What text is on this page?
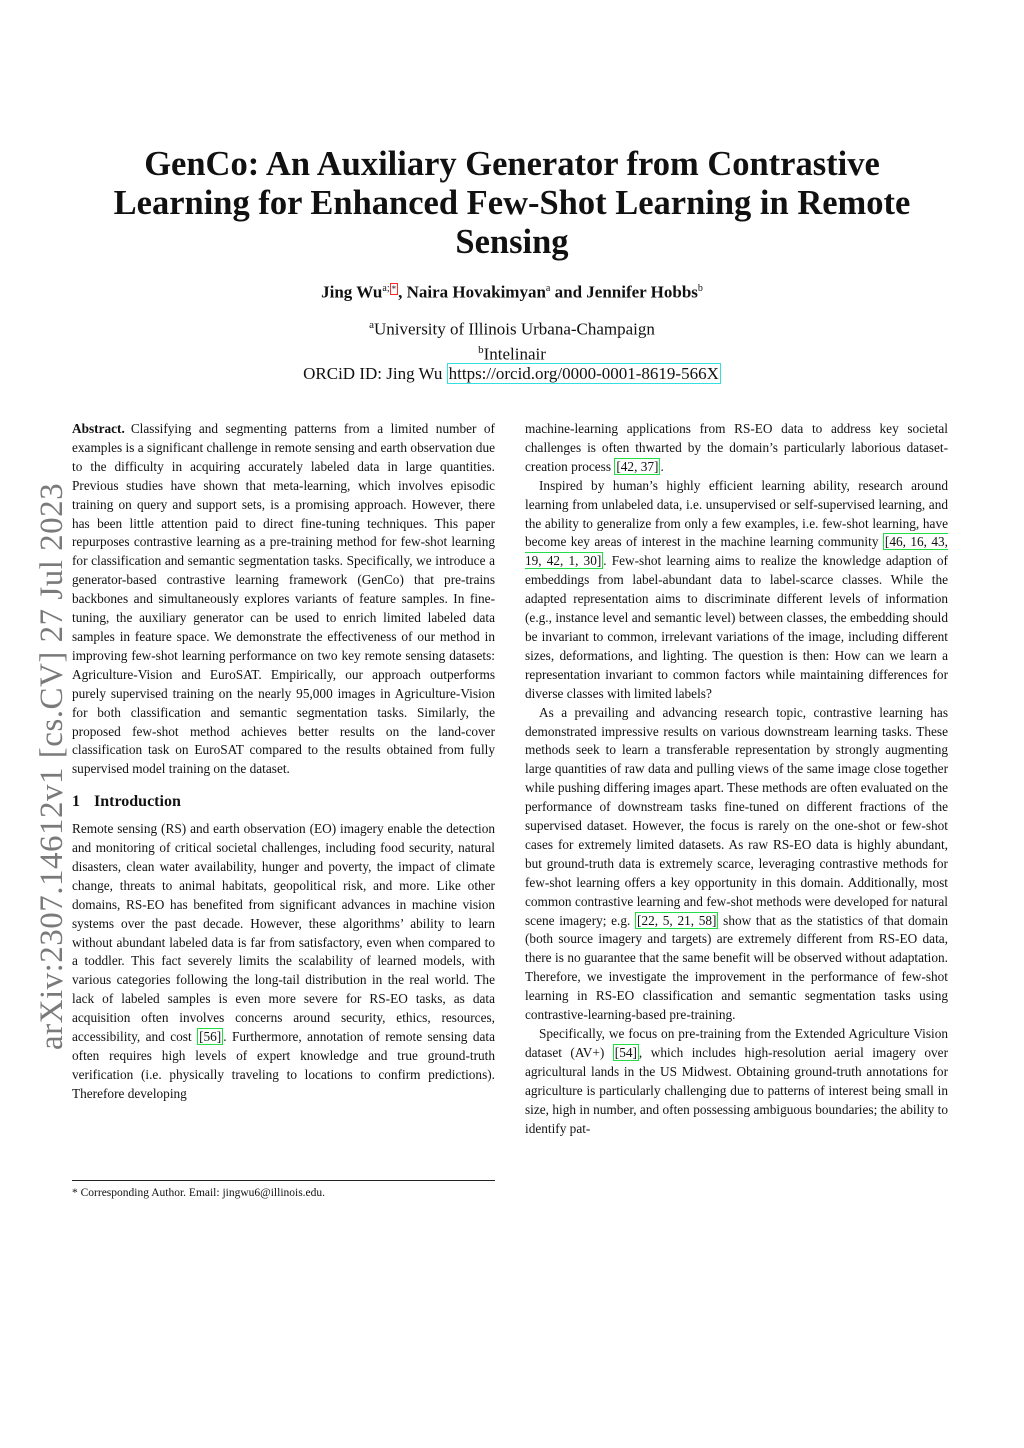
arXiv:2307.14612v1 [cs.CV] 27 Jul 2023
GenCo: An Auxiliary Generator from Contrastive Learning for Enhanced Few-Shot Learning in Remote Sensing
Jing $Wu^{a;}$ * , Naira Hovakimyan$^a$ and Jennifer Hobbs$^b$
$^a$University of Illinois Urbana-Champaign
$^b$Intelinair
ORCiD ID: Jing Wu https://orcid.org/0000-0001-8619-566X

Abstract. Classifying and segmenting patterns from a limited number of examples is a significant challenge in remote sensing and earth observation due to the difficulty in acquiring accurately labeled data in large quantities. Previous studies have shown that meta-learning, which involves episodic training on query and support sets, is a promising approach. However, there has been little attention paid to direct fine-tuning techniques. This paper repurposes contrastive learning as a pre-training method for few-shot learning for classification and semantic segmentation tasks. Specifically, we introduce a generator-based contrastive learning framework (GenCo) that pre-trains backbones and simultaneously explores variants of feature samples. In fine-tuning, the auxiliary generator can be used to enrich limited labeled data samples in feature space. We demonstrate the effectiveness of our method in improving few-shot learning performance on two key remote sensing datasets: Agriculture-Vision and EuroSAT. Empirically, our approach outperforms purely supervised training on the nearly 95,000 images in Agriculture-Vision for both classification and semantic segmentation tasks. Similarly, the proposed few-shot method achieves better results on the land-cover classification task on EuroSAT compared to the results obtained from fully supervised model training on the dataset.

1 Introduction

Remote sensing (RS) and earth observation (EO) imagery enable the detection and monitoring of critical societal challenges, including food security, natural disasters, clean water availability, hunger and poverty, the impact of climate change, threats to animal habitats, geopolitical risk, and more. Like other domains, RS-EO has benefited from significant advances in machine vision systems over the past decade. However, these algorithms’ ability to learn without abundant labeled data is far from satisfactory, even when compared to a toddler. This fact severely limits the scalability of learned models, with various categories following the long-tail distribution in the real world. The lack of labeled samples is even more severe for RS-EO tasks, as data acquisition often involves concerns around security, ethics, resources, accessibility, and cost [56] . Furthermore, annotation of remote sensing data often requires high levels of expert knowledge and true ground-truth verification (i.e. physically traveling to locations to confirm predictions). Therefore developing

* Corresponding Author. Email: jingwu6@illinois.edu.

machine-learning applications from RS-EO data to address key societal challenges is often thwarted by the domain’s particularly laborious dataset-creation process [42, 37] .

Inspired by human’s highly efficient learning ability, research around learning from unlabeled data, i.e. unsupervised or self-supervised learning, and the ability to generalize from only a few examples, i.e. few-shot learning, have become key areas of interest in the machine learning community [46, 16, 43, 19, 42, 1, 30] . Few-shot learning aims to realize the knowledge adaption of embeddings from label-abundant data to label-scarce classes. While the adapted representation aims to discriminate different levels of information (e.g., instance level and semantic level) between classes, the embedding should be invariant to common, irrelevant variations of the image, including different sizes, deformations, and lighting. The question is then: How can we learn a representation invariant to common factors while maintaining differences for diverse classes with limited labels?

As a prevailing and advancing research topic, contrastive learning has demonstrated impressive results on various downstream learning tasks. These methods seek to learn a transferable representation by strongly augmenting large quantities of raw data and pulling views of the same image close together while pushing differing images apart. These methods are often evaluated on the performance of downstream tasks fine-tuned on different fractions of the supervised dataset. However, the focus is rarely on the one-shot or few-shot cases for extremely limited datasets. As raw RS-EO data is highly abundant, but ground-truth data is extremely scarce, leveraging contrastive methods for few-shot learning offers a key opportunity in this domain. Additionally, most common contrastive learning and few-shot methods were developed for natural scene imagery; e.g. [22, 5, 21, 58] show that as the statistics of that domain (both source imagery and targets) are extremely different from RS-EO data, there is no guarantee that the same benefit will be observed without adaptation. Therefore, we investigate the improvement in the performance of few-shot learning in RS-EO classification and semantic segmentation tasks using contrastive-learning-based pre-training.

Specifically, we focus on pre-training from the Extended Agriculture Vision dataset (AV+) [54] , which includes high-resolution aerial imagery over agricultural lands in the US Midwest. Obtaining ground-truth annotations for agriculture is particularly challenging due to patterns of interest being small in size, high in number, and often possessing ambiguous boundaries; the ability to identify pat-
